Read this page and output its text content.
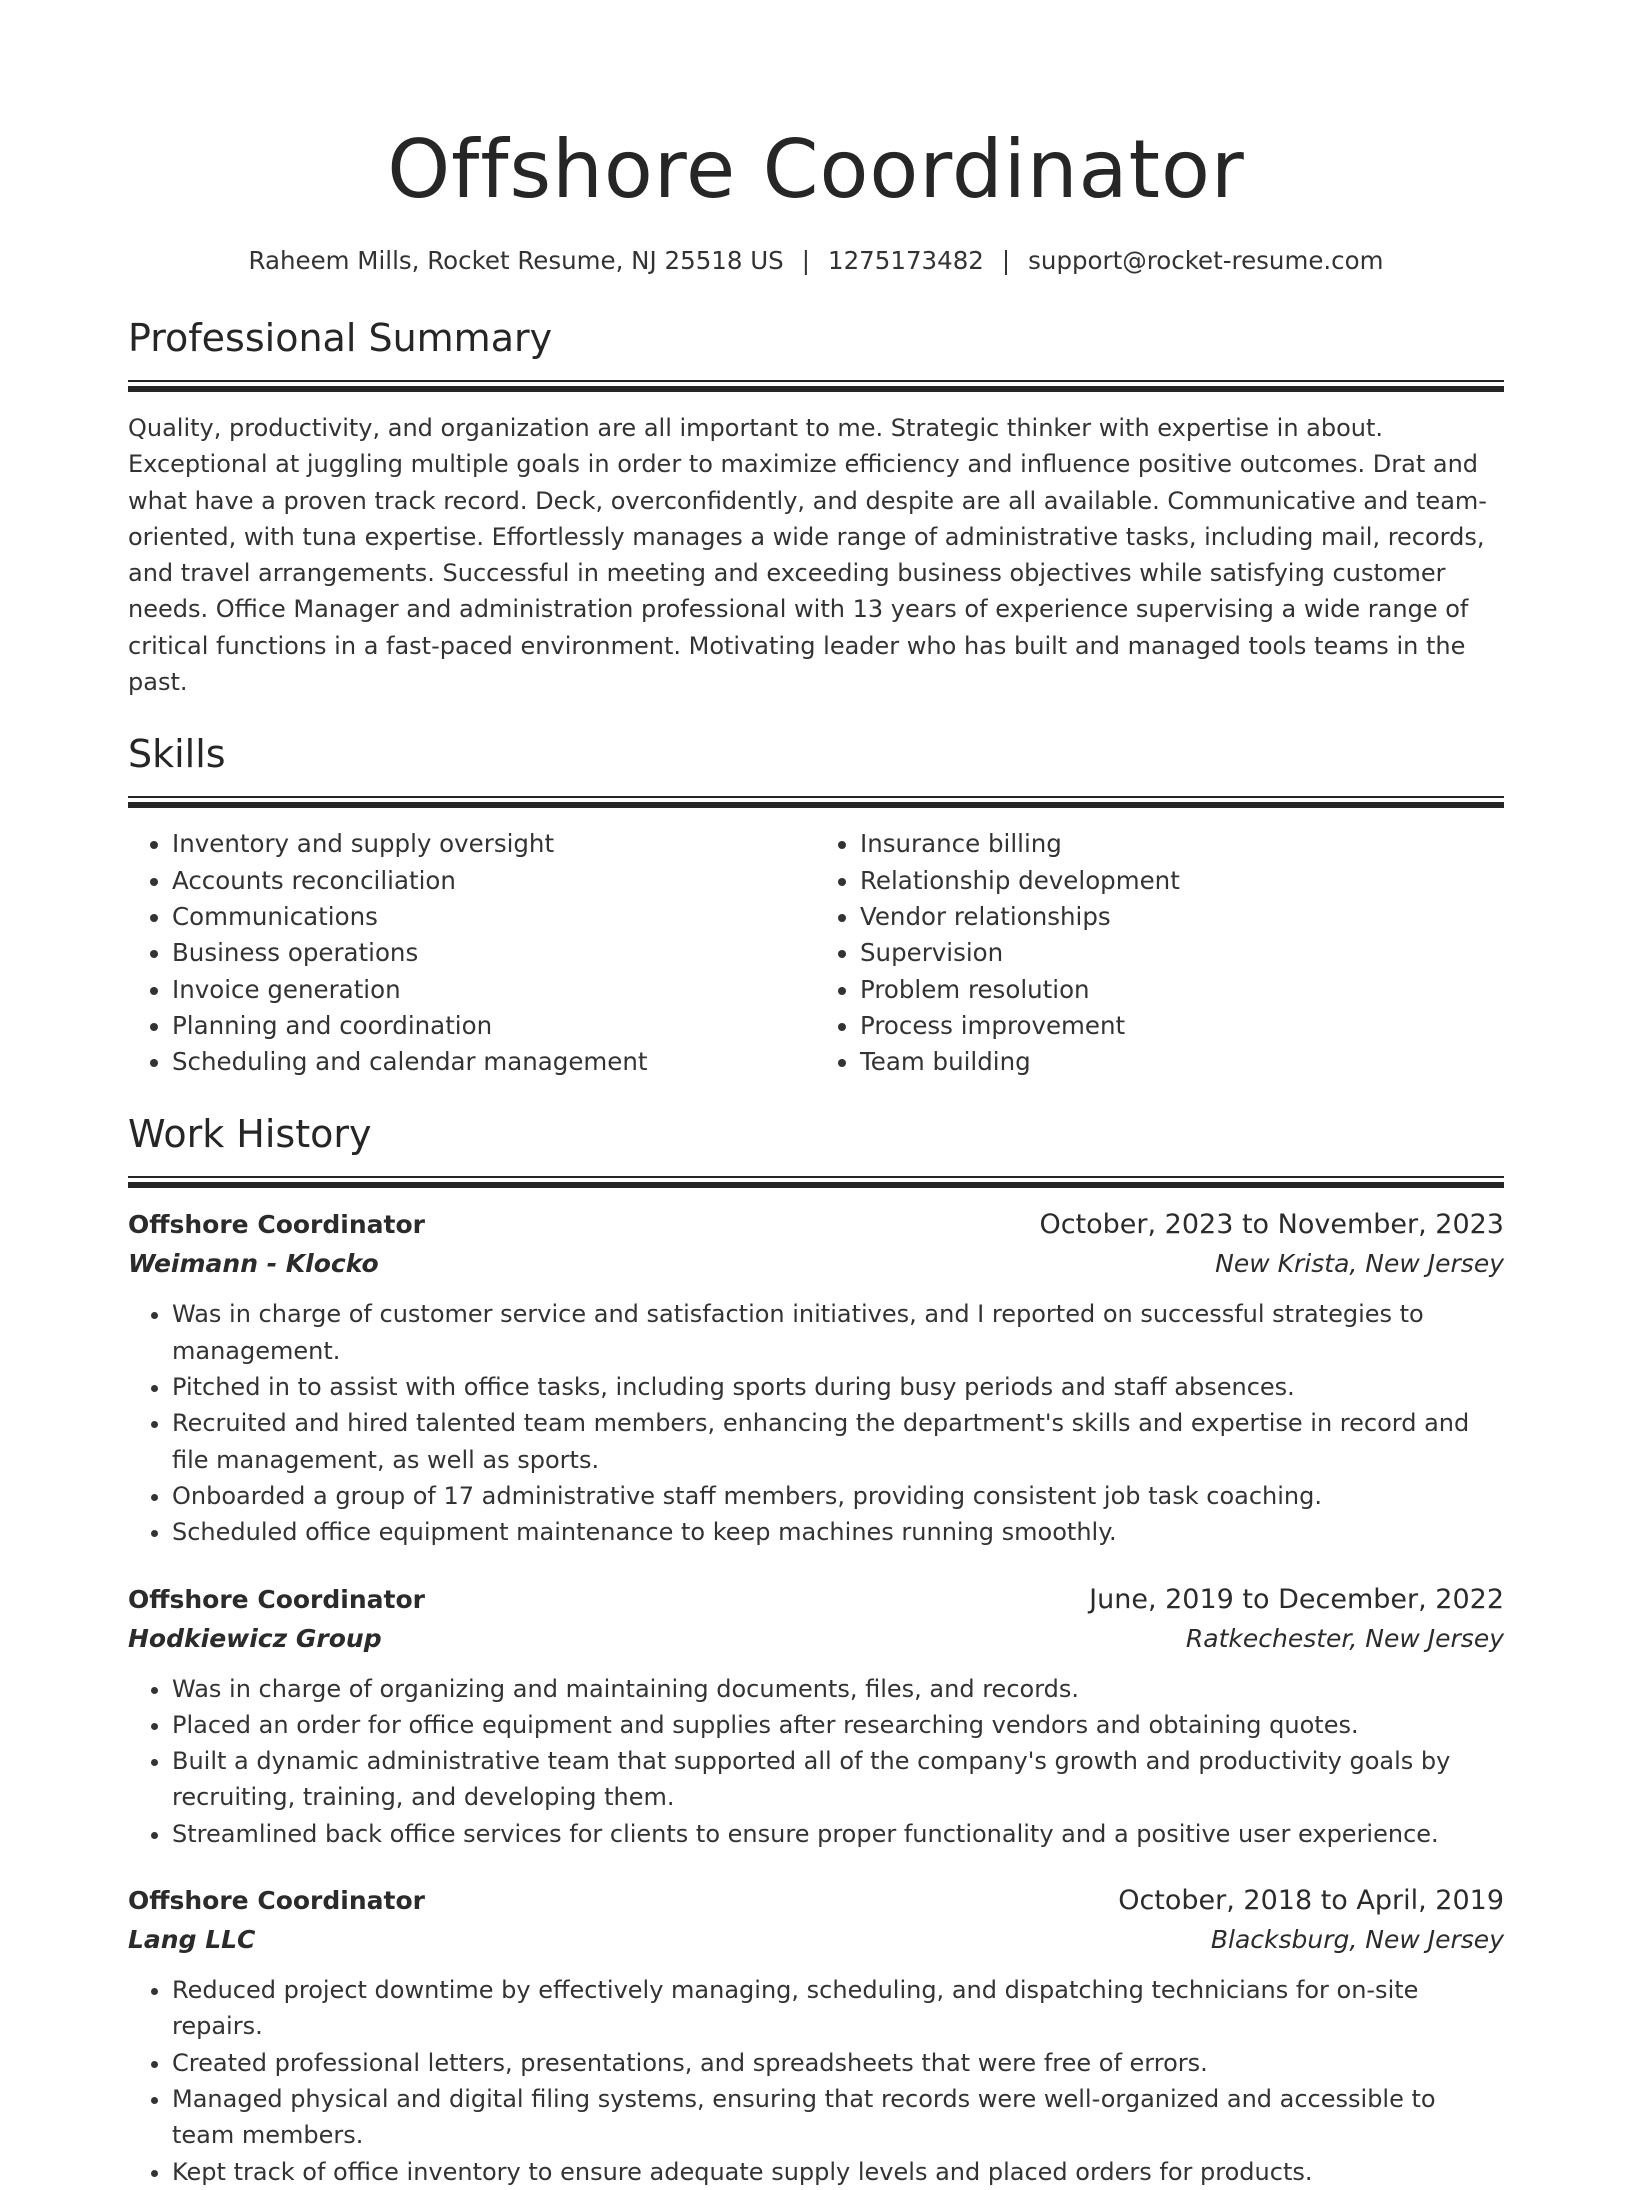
Offshore Coordinator
Raheem Mills, Rocket Resume, NJ 25518 US | 1275173482 | support@rocket-resume.com
Professional Summary

Quality, productivity, and organization are all important to me. Strategic thinker with expertise in about. Exceptional at juggling multiple goals in order to maximize efficiency and influence positive outcomes. Drat and what have a proven track record. Deck, overconfidently, and despite are all available. Communicative and team-oriented, with tuna expertise. Effortlessly manages a wide range of administrative tasks, including mail, records, and travel arrangements. Successful in meeting and exceeding business objectives while satisfying customer needs. Office Manager and administration professional with 13 years of experience supervising a wide range of critical functions in a fast-paced environment. Motivating leader who has built and managed tools teams in the past.

Skills
• Inventory and supply oversight
• Accounts reconciliation
• Communications
• Business operations
• Invoice generation
• Planning and coordination
• Scheduling and calendar management
• Insurance billing
• Relationship development
• Vendor relationships
• Supervision
• Problem resolution
• Process improvement
• Team building
Work History
Offshore Coordinator	October, 2023 to November, 2023
Weimann - Klocko	New Krista, New Jersey
• Was in charge of customer service and satisfaction initiatives, and I reported on successful strategies to management.
• Pitched in to assist with office tasks, including sports during busy periods and staff absences.
• Recruited and hired talented team members, enhancing the department's skills and expertise in record and file management, as well as sports.
• Onboarded a group of 17 administrative staff members, providing consistent job task coaching.
• Scheduled office equipment maintenance to keep machines running smoothly.
Offshore Coordinator	June, 2019 to December, 2022
Hodkiewicz Group	Ratkechester, New Jersey
• Was in charge of organizing and maintaining documents, files, and records.
• Placed an order for office equipment and supplies after researching vendors and obtaining quotes.
• Built a dynamic administrative team that supported all of the company's growth and productivity goals by recruiting, training, and developing them.
• Streamlined back office services for clients to ensure proper functionality and a positive user experience.
Offshore Coordinator	October, 2018 to April, 2019
Lang LLC	Blacksburg, New Jersey
• Reduced project downtime by effectively managing, scheduling, and dispatching technicians for on-site repairs.
• Created professional letters, presentations, and spreadsheets that were free of errors.
• Managed physical and digital filing systems, ensuring that records were well-organized and accessible to team members.
• Kept track of office inventory to ensure adequate supply levels and placed orders for products.
